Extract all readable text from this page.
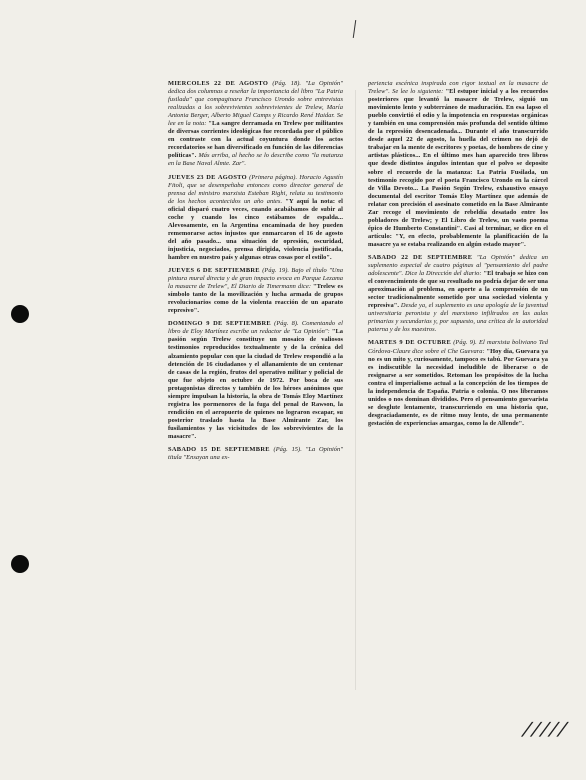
MIERCOLES 22 DE AGOSTO (Pág. 18). "La Opinión" dedica dos columnas a reseñar la importancia del libro "La Patria fusilada" que compaginara Francisco Urondo sobre entrevistas realizadas a los sobrevivientes sobrevivientes de Trelew, María Antonia Berger, Alberto Miguel Camps y Ricardo René Haidar. Se lee en la nota: "La sangre derramada en Trelew por militantes de diversas corrientes ideológicas fue recordada por el público en contraste con la actual coyuntura donde los actos recordatorios se han diversificado en función de las diferencias políticas". Más arriba, al hecho se lo describe como "la matanza en la Base Naval Almte. Zar".
JUEVES 23 DE AGOSTO (Primera página). Horacio Agustín Fitoli, que se desempeñaba entonces como director general de prensa del ministro marxista Esteban Righi, relata su testimonio de los hechos acontecidos un año antes. "Y aquí la nota: el oficial disparó cuatro veces, cuando acabábamos de subir al coche y cuando los cinco estábamos de espalda... Alevosamente, en la Argentina encaminada de hoy pueden rememorarse actos injustos que enmarcaron el 16 de agosto del año pasado... una situación de opresión, oscuridad, injusticia, negociados, prensa dirigida, violencia justificada, hambre en nuestro país y algunas otras cosas por el estilo".
JUEVES 6 DE SEPTIEMBRE (Pág. 19). Bajo el título "Una pintura mural directa y de gran impacto evoca en Parque Lezama la masacre de Trelew", El Diario de Timermann dice: "Trelew es símbolo tanto de la movilización y lucha armada de grupos revolucionarios como de la violenta reacción de un aparato represivo".
DOMINGO 9 DE SEPTIEMBRE (Pág. 8). Comentando el libro de Eloy Martínez escribe un redactor de "La Opinión": "La pasión según Trelew constituye un mosaico de valiosos testimonios reproducidos textualmente y de la crónica del alzamiento popular con que la ciudad de Trelew respondió a la detención de 16 ciudadanos y el allanamiento de un centenar de casas de la región, frutos del operativo militar y policial de que fue objeto en octubre de 1972. Por boca de sus protagonistas directos y también de los héroes anónimos que siempre impulsan la historia, la obra de Tomás Eloy Martínez registra los pormenores de la fuga del penal de Rawson, la rendición en el aeropuerto de quienes no lograron escapar, su posterior traslado hasta la Base Almirante Zar, los fusilamientos y las vicisitudes de los sobrevivientes de la masacre".
SABADO 15 DE SEPTIEMBRE (Pág. 15). "La Opinión" titula "Ensayan una ex-
periencia escénica inspirada con rigor textual en la masacre de Trelew". Se lee lo siguiente: "El estupor inicial y a los recuerdos posteriores que levantó la masacre de Trelew, siguió un movimiento lento y subterráneo de maduración. En esa lapso el pueblo convirtió el odio y la impotencia en respuestas orgánicas y también en una comprensión más profunda del sentido último de la represión desencadenada... Durante el año transcurrido desde aquel 22 de agosto, la huella del crimen no dejó de trabajar en la mente de escritores y poetas, de hombres de cine y artistas plásticos... En el último mes han aparecido tres libros que desde distintos ángulos intentan que el polvo se deposite sobre el recuerdo de la matanza: La Patria Fusilada, un testimonio recogido por el poeta Francisco Urondo en la cárcel de Villa Devoto... La Pasión Según Trelew, exhaustivo ensayo documental del escritor Tomás Eloy Martínez que además de relatar con precisión el asesinato cometido en la Base Almirante Zar recoge el movimiento de rebeldía desatado entre los pobladores de Trelew; y El Libro de Trelew, un vasto poema épico de Humberto Constantini". Casi al terminar, se dice en el artículo: "Y, en efecto, probablemente la planificación de la masacre ya se estaba realizando en algún estado mayor".
SABADO 22 DE SEPTIEMBRE "La Opinión" dedica un suplemento especial de cuatro páginas al "pensamiento del padre adolescente". Dice la Dirección del diario: "El trabajo se hizo con el convencimiento de que su resultado no podría dejar de ser una aproximación al problema, en aporte a la comprensión de un sector tradicionalmente sometido por una sociedad violenta y represiva". Desde ya, el suplemento es una apología de la juventud universitaria peronista y del marxismo infiltrados en las aulas primarias y secundarias y, por supuesto, una crítica de la autoridad paterna y de los maestros.
MARTES 9 DE OCTUBRE (Pág. 9). El marxista boliviano Ted Córdova-Claure dice sobre el Che Guevara: "Hoy día, Guevara ya no es un mito y, curiosamente, tampoco es tabú. Por Guevara ya es indiscutible la necesidad ineludible de liberarse o de resignarse a ser sometidos. Retoman los propósitos de la lucha contra el imperialismo actual a la concepción de los tiempos de la independencia de España. Patria o colonia. O nos liberamos unidos o nos dominan divididos. Pero el pensamiento guevarista se desglute lentamente, transcurriendo en una historia que, desgraciadamente, es de ritmo muy lento, de una permanente gestación de experiencias amargas, como la de Allende".
/////
